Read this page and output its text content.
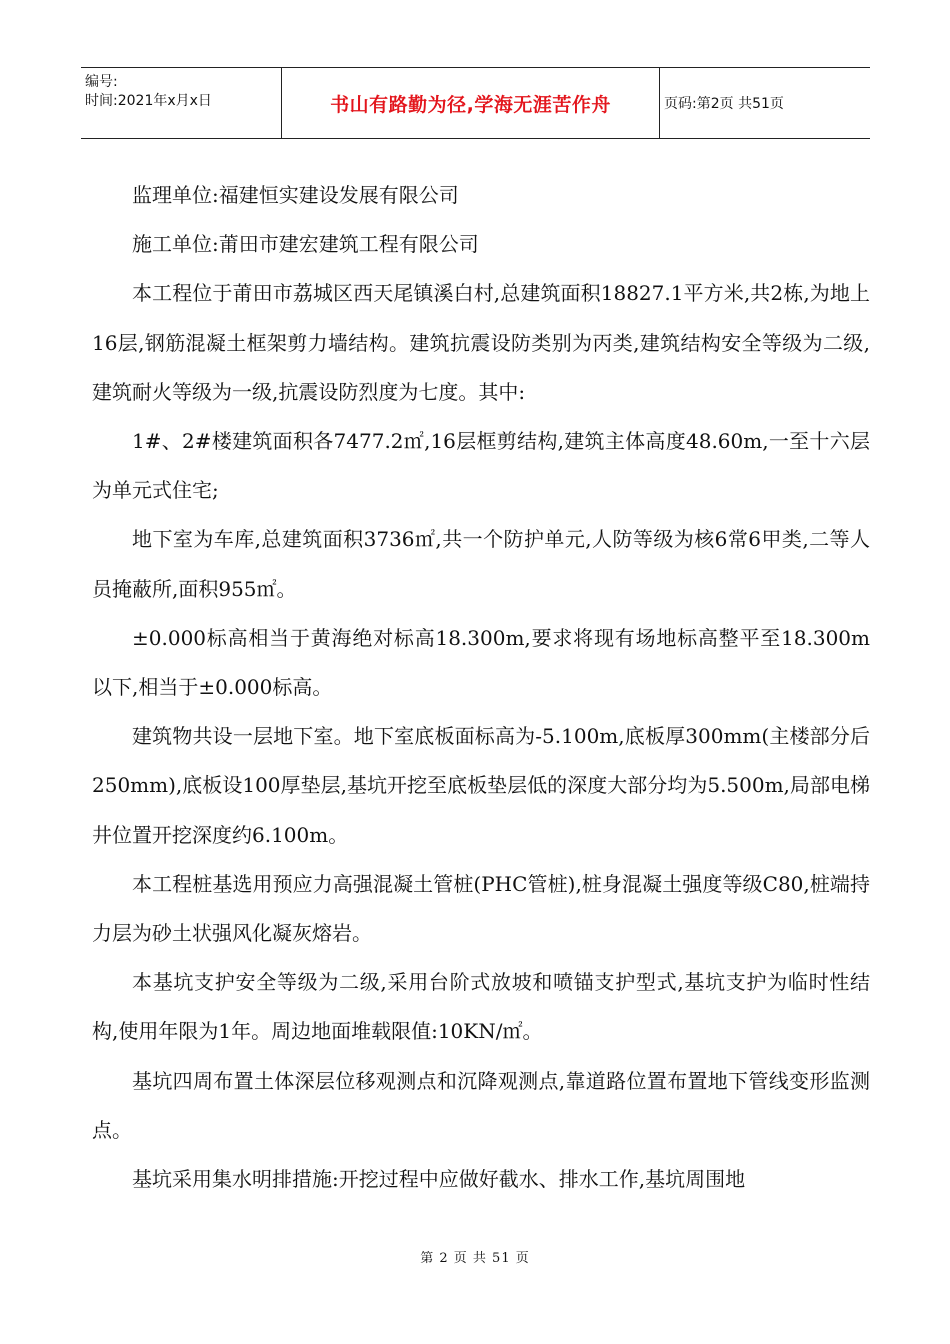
编号:
时间:2021年x月x日	书山有路勤为径,学海无涯苦作舟	页码:第2页 共51页

监理单位:福建恒实建设发展有限公司

施工单位:莆田市建宏建筑工程有限公司

本工程位于莆田市荔城区西天尾镇溪白村,总建筑面积18827.1平方米,共2栋,为地上16层,钢筋混凝土框架剪力墙结构。建筑抗震设防类别为丙类,建筑结构安全等级为二级,建筑耐火等级为一级,抗震设防烈度为七度。其中:

1#、2#楼建筑面积各7477.2㎡,16层框剪结构,建筑主体高度48.60m,一至十六层为单元式住宅;

地下室为车库,总建筑面积3736㎡,共一个防护单元,人防等级为核6常6甲类,二等人员掩蔽所,面积955㎡。

±0.000标高相当于黄海绝对标高18.300m,要求将现有场地标高整平至18.300m以下,相当于±0.000标高。

建筑物共设一层地下室。地下室底板面标高为-5.100m,底板厚300mm(主楼部分后250mm),底板设100厚垫层,基坑开挖至底板垫层低的深度大部分均为5.500m,局部电梯井位置开挖深度约6.100m。

本工程桩基选用预应力高强混凝土管桩(PHC管桩),桩身混凝土强度等级C80,桩端持力层为砂土状强风化凝灰熔岩。

本基坑支护安全等级为二级,采用台阶式放坡和喷锚支护型式,基坑支护为临时性结构,使用年限为1年。周边地面堆载限值:10KN/㎡。

基坑四周布置土体深层位移观测点和沉降观测点,靠道路位置布置地下管线变形监测点。

基坑采用集水明排措施:开挖过程中应做好截水、排水工作,基坑周围地

第 2 页 共 51 页
